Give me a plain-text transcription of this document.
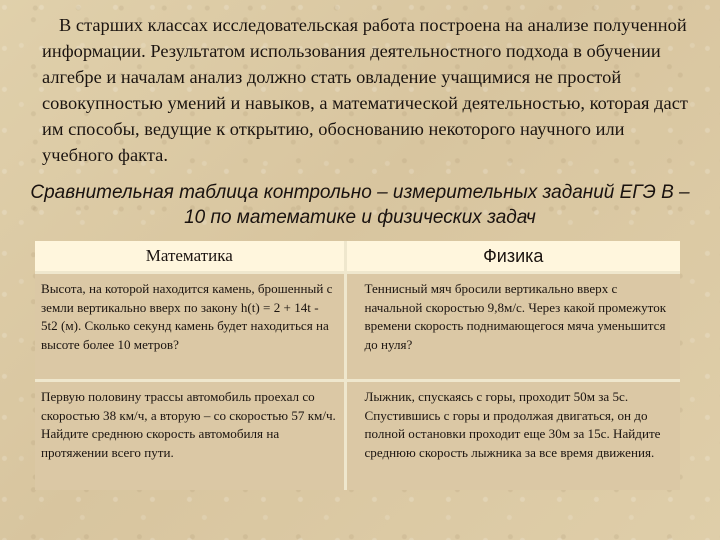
В старших классах исследовательская работа построена на анализе полученной информации. Результатом использования деятельностного подхода в обучении алгебре и началам анализ должно стать овладение учащимися не простой совокупностью умений и навыков, а математической деятельностью, которая даст им способы, ведущие к открытию, обоснованию некоторого научного или учебного факта.

Сравнительная таблица контрольно – измерительных заданий ЕГЭ В – 10 по математике и физических задач

Математика	Физика
Высота, на которой находится камень, брошенный с земли вертикально вверх по закону h(t) = 2 + 14t - 5t2 (м). Сколько секунд камень будет находиться на высоте более 10 метров?	Теннисный мяч бросили вертикально вверх с начальной скоростью 9,8м/с. Через какой промежуток времени скорость поднимающегося мяча уменьшится до нуля?
Первую половину трассы автомобиль проехал со скоростью 38 км/ч, а вторую – со скоростью 57 км/ч. Найдите среднюю скорость автомобиля на протяжении всего пути.	Лыжник, спускаясь с горы, проходит 50м за 5с. Спустившись с горы и продолжая двигаться, он до полной остановки проходит еще 30м за 15с. Найдите среднюю скорость лыжника за все время движения.
